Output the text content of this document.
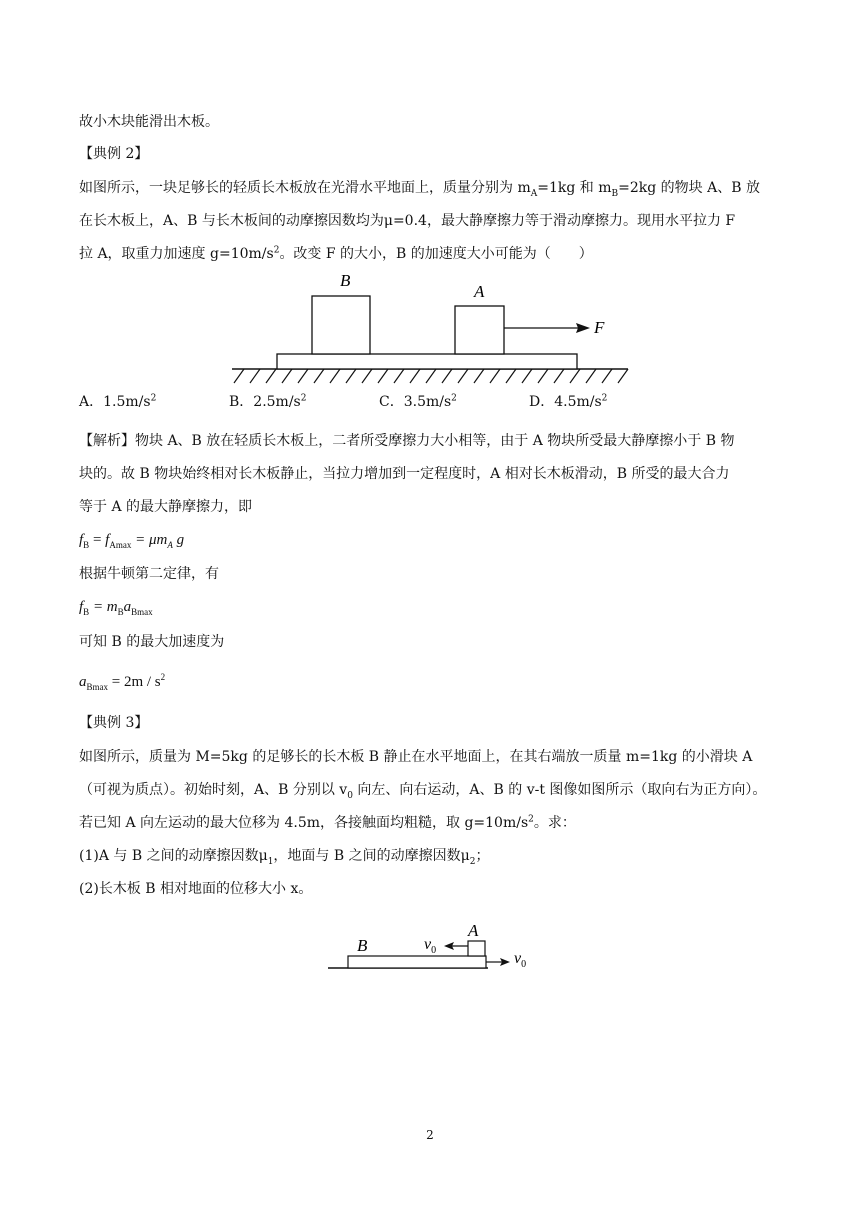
故小木块能滑出木板。
【典例 2】
如图所示，一块足够长的轻质长木板放在光滑水平地面上，质量分别为 $m_A=1kg$ 和 $m_B=2kg$ 的物块 A、B 放
在长木板上，A、B 与长木板间的动摩擦因数均为μ=0.4，最大静摩擦力等于滑动摩擦力。现用水平拉力 F
拉 A，取重力加速度 $g=10m/s^2$。改变 F 的大小，B 的加速度大小可能为（　　）
B
A
F
A．$1.5m/s^2$	B．$2.5m/s^2$	C．$3.5m/s^2$	D．$4.5m/s^2$
【解析】物块 A、B 放在轻质长木板上，二者所受摩擦力大小相等，由于 A 物块所受最大静摩擦小于 B 物
块的。故 B 物块始终相对长木板静止，当拉力增加到一定程度时，A 相对长木板滑动，B 所受的最大合力
等于 A 的最大静摩擦力，即
$f_B = f_{Amax} = \mu m_A$ g
根据牛顿第二定律，有
$f_B = m_Ba_{Bmax}$
可知 B 的最大加速度为
$a_{Bmax} = 2m / s^2$
【典例 3】
如图所示，质量为 M=5kg 的足够长的长木板 B 静止在水平地面上，在其右端放一质量 m=1kg 的小滑块 A
（可视为质点）。初始时刻，A、B 分别以 $v_0$ 向左、向右运动，A、B 的 v-t 图像如图所示（取向右为正方向）。
若已知 A 向左运动的最大位移为 4.5m，各接触面均粗糙，取 $g=10m/s^2$。求：
(1)A 与 B 之间的动摩擦因数$\mu_1$，地面与 B 之间的动摩擦因数$\mu_2$；
(2)长木板 B 相对地面的位移大小 x。
B
A
$v_0$	$v_0$
2
